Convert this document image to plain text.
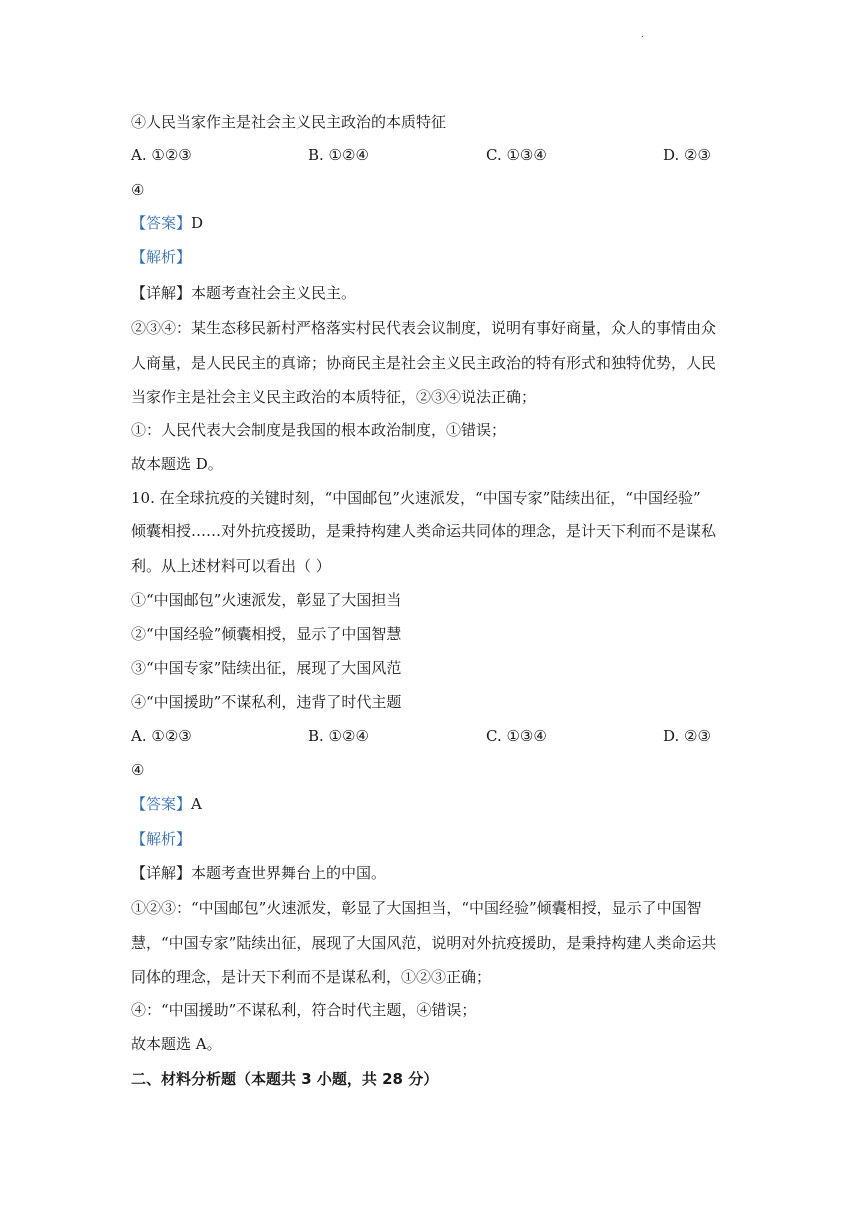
·
④人民当家作主是社会主义民主政治的本质特征
A. ①②③	B. ①②④	C. ①③④	D. ②③
④
【答案】D
【解析】
【详解】本题考查社会主义民主。
②③④：某生态移民新村严格落实村民代表会议制度，说明有事好商量，众人的事情由众
人商量，是人民民主的真谛；协商民主是社会主义民主政治的特有形式和独特优势，人民
当家作主是社会主义民主政治的本质特征，②③④说法正确；
①：人民代表大会制度是我国的根本政治制度，①错误；
故本题选 D。
10. 在全球抗疫的关键时刻，“中国邮包”火速派发，“中国专家”陆续出征，“中国经验”
倾囊相授……对外抗疫援助，是秉持构建人类命运共同体的理念，是计天下利而不是谋私
利。从上述材料可以看出（ ）
①“中国邮包”火速派发，彰显了大国担当
②“中国经验”倾囊相授，显示了中国智慧
③“中国专家”陆续出征，展现了大国风范
④“中国援助”不谋私利，违背了时代主题
A. ①②③	B. ①②④	C. ①③④	D. ②③
④
【答案】A
【解析】
【详解】本题考查世界舞台上的中国。
①②③：“中国邮包”火速派发，彰显了大国担当，“中国经验”倾囊相授，显示了中国智
慧，“中国专家”陆续出征，展现了大国风范，说明对外抗疫援助，是秉持构建人类命运共
同体的理念，是计天下利而不是谋私利，①②③正确；
④：“中国援助”不谋私利，符合时代主题，④错误；
故本题选 A。
二、材料分析题（本题共 3 小题，共 28 分）
